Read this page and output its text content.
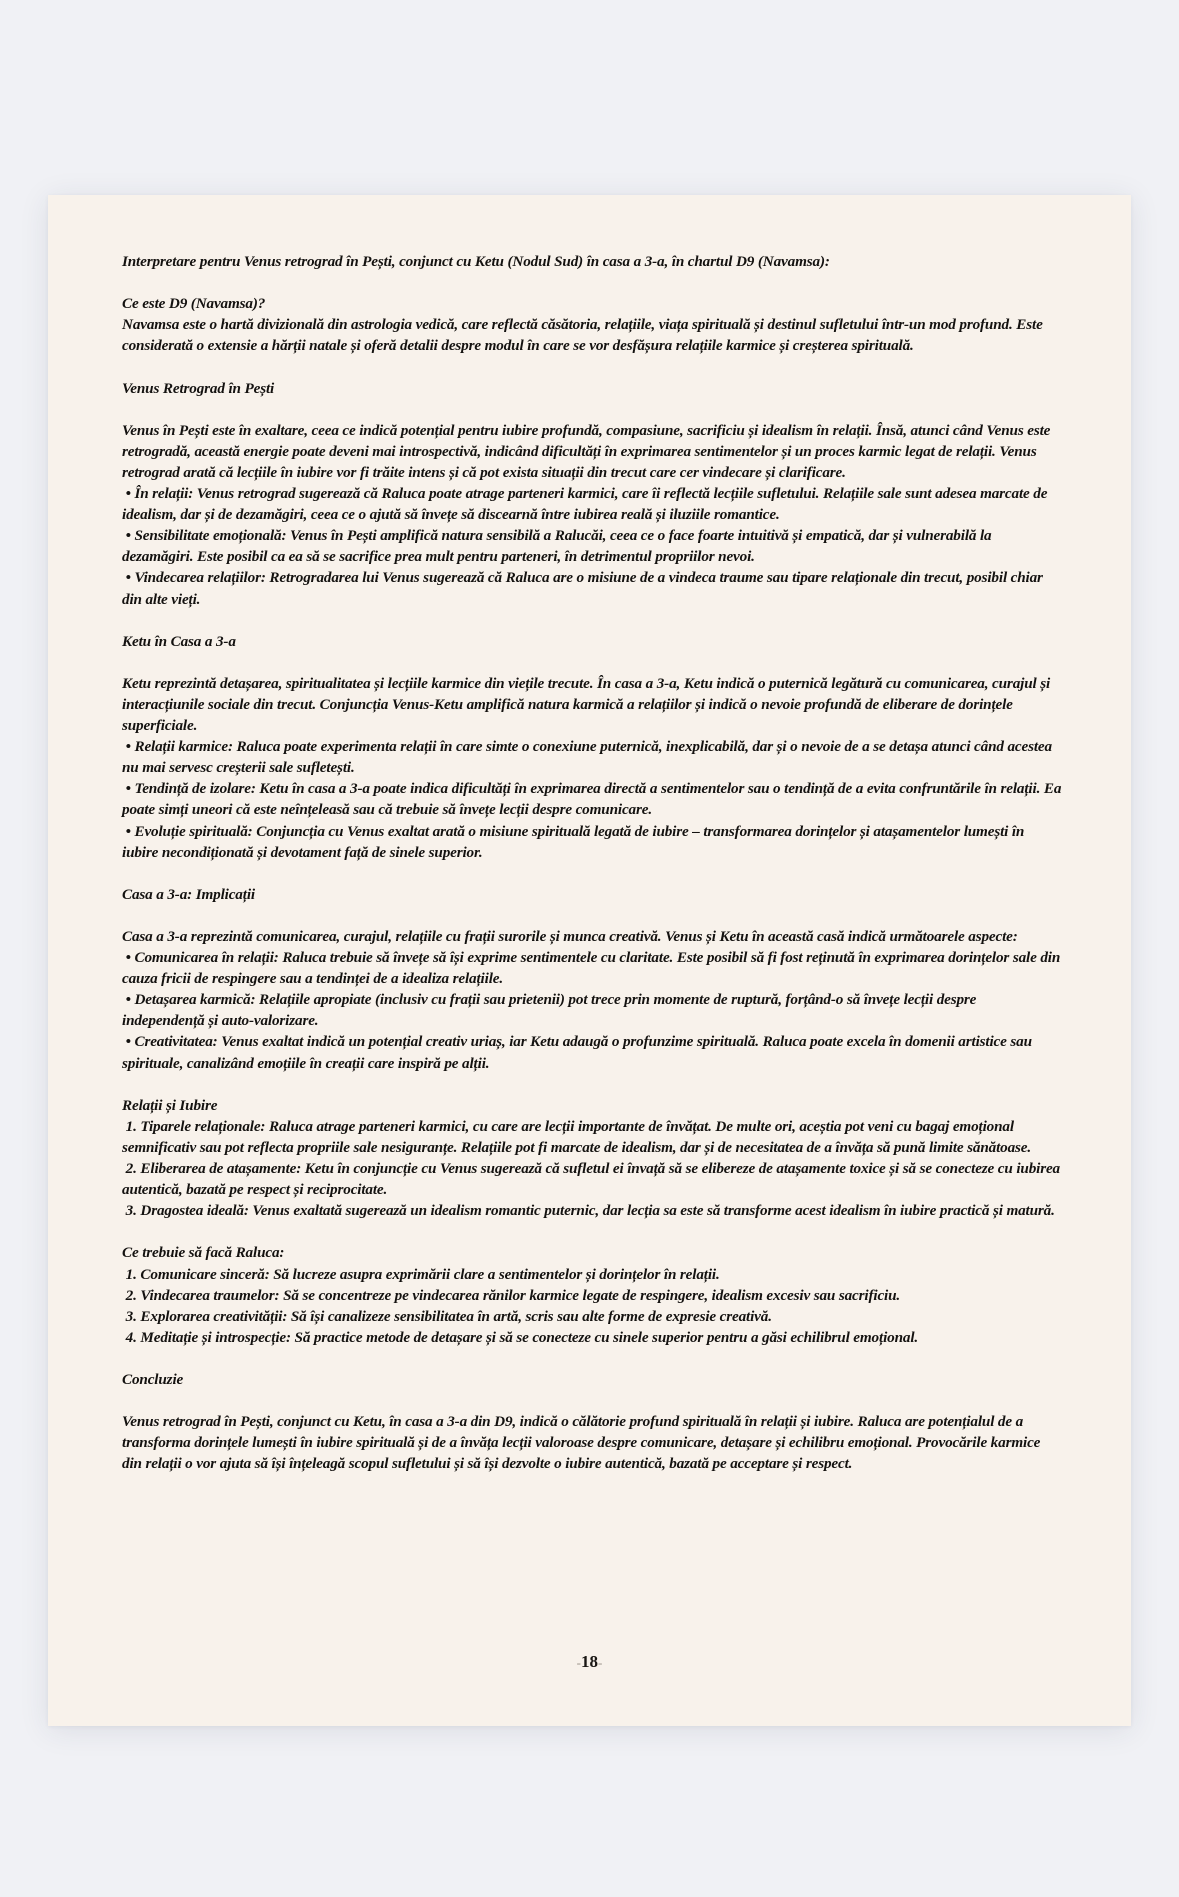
Interpretare pentru Venus retrograd în Pești, conjunct cu Ketu (Nodul Sud) în casa a 3-a, în chartul D9 (Navamsa):
Ce este D9 (Navamsa)?
Navamsa este o hartă divizională din astrologia vedică, care reflectă căsătoria, relațiile, viața spirituală și destinul sufletului într-un mod profund. Este considerată o extensie a hărții natale și oferă detalii despre modul în care se vor desfășura relațiile karmice și creșterea spirituală.
Venus Retrograd în Pești
Venus în Pești este în exaltare, ceea ce indică potențial pentru iubire profundă, compasiune, sacrificiu și idealism în relații. Însă, atunci când Venus este retrogradă, această energie poate deveni mai introspectivă, indicând dificultăți în exprimarea sentimentelor și un proces karmic legat de relații. Venus retrograd arată că lecțiile în iubire vor fi trăite intens și că pot exista situații din trecut care cer vindecare și clarificare.
• În relații: Venus retrograd sugerează că Raluca poate atrage parteneri karmici, care îi reflectă lecțiile sufletului. Relațiile sale sunt adesea marcate de idealism, dar și de dezamăgiri, ceea ce o ajută să învețe să discearnă între iubirea reală și iluziile romantice.
• Sensibilitate emoțională: Venus în Pești amplifică natura sensibilă a Ralucăi, ceea ce o face foarte intuitivă și empatică, dar și vulnerabilă la dezamăgiri. Este posibil ca ea să se sacrifice prea mult pentru parteneri, în detrimentul propriilor nevoi.
• Vindecarea relațiilor: Retrogradarea lui Venus sugerează că Raluca are o misiune de a vindeca traume sau tipare relaționale din trecut, posibil chiar din alte vieți.
Ketu în Casa a 3-a
Ketu reprezintă detașarea, spiritualitatea și lecțiile karmice din viețile trecute. În casa a 3-a, Ketu indică o puternică legătură cu comunicarea, curajul și interacțiunile sociale din trecut. Conjuncția Venus-Ketu amplifică natura karmică a relațiilor și indică o nevoie profundă de eliberare de dorințele superficiale.
• Relații karmice: Raluca poate experimenta relații în care simte o conexiune puternică, inexplicabilă, dar și o nevoie de a se detașa atunci când acestea nu mai servesc creșterii sale sufletești.
• Tendință de izolare: Ketu în casa a 3-a poate indica dificultăți în exprimarea directă a sentimentelor sau o tendință de a evita confruntările în relații. Ea poate simți uneori că este neînțeleasă sau că trebuie să învețe lecții despre comunicare.
• Evoluție spirituală: Conjuncția cu Venus exaltat arată o misiune spirituală legată de iubire – transformarea dorințelor și atașamentelor lumești în iubire necondiționată și devotament față de sinele superior.
Casa a 3-a: Implicații
Casa a 3-a reprezintă comunicarea, curajul, relațiile cu frații surorile și munca creativă. Venus și Ketu în această casă indică următoarele aspecte:
• Comunicarea în relații: Raluca trebuie să învețe să își exprime sentimentele cu claritate. Este posibil să fi fost reținută în exprimarea dorințelor sale din cauza fricii de respingere sau a tendinței de a idealiza relațiile.
• Detașarea karmică: Relațiile apropiate (inclusiv cu frații sau prietenii) pot trece prin momente de ruptură, forțând-o să învețe lecții despre independență și auto-valorizare.
• Creativitatea: Venus exaltat indică un potențial creativ uriaș, iar Ketu adaugă o profunzime spirituală. Raluca poate excela în domenii artistice sau spirituale, canalizând emoțiile în creații care inspiră pe alții.
Relații și Iubire
1. Tiparele relaționale: Raluca atrage parteneri karmici, cu care are lecții importante de învățat. De multe ori, aceștia pot veni cu bagaj emoțional semnificativ sau pot reflecta propriile sale nesiguranțe. Relațiile pot fi marcate de idealism, dar și de necesitatea de a învăța să pună limite sănătoase.
2. Eliberarea de atașamente: Ketu în conjuncție cu Venus sugerează că sufletul ei învață să se elibereze de atașamente toxice și să se conecteze cu iubirea autentică, bazată pe respect și reciprocitate.
3. Dragostea ideală: Venus exaltată sugerează un idealism romantic puternic, dar lecția sa este să transforme acest idealism în iubire practică și matură.
Ce trebuie să facă Raluca:
1. Comunicare sinceră: Să lucreze asupra exprimării clare a sentimentelor și dorințelor în relații.
2. Vindecarea traumelor: Să se concentreze pe vindecarea rănilor karmice legate de respingere, idealism excesiv sau sacrificiu.
3. Explorarea creativității: Să își canalizeze sensibilitatea în artă, scris sau alte forme de expresie creativă.
4. Meditație și introspecție: Să practice metode de detașare și să se conecteze cu sinele superior pentru a găsi echilibrul emoțional.
Concluzie
Venus retrograd în Pești, conjunct cu Ketu, în casa a 3-a din D9, indică o călătorie profund spirituală în relații și iubire. Raluca are potențialul de a transforma dorințele lumești în iubire spirituală și de a învăța lecții valoroase despre comunicare, detașare și echilibru emoțional. Provocările karmice din relații o vor ajuta să își înțeleagă scopul sufletului și să își dezvolte o iubire autentică, bazată pe acceptare și respect.
-18-
